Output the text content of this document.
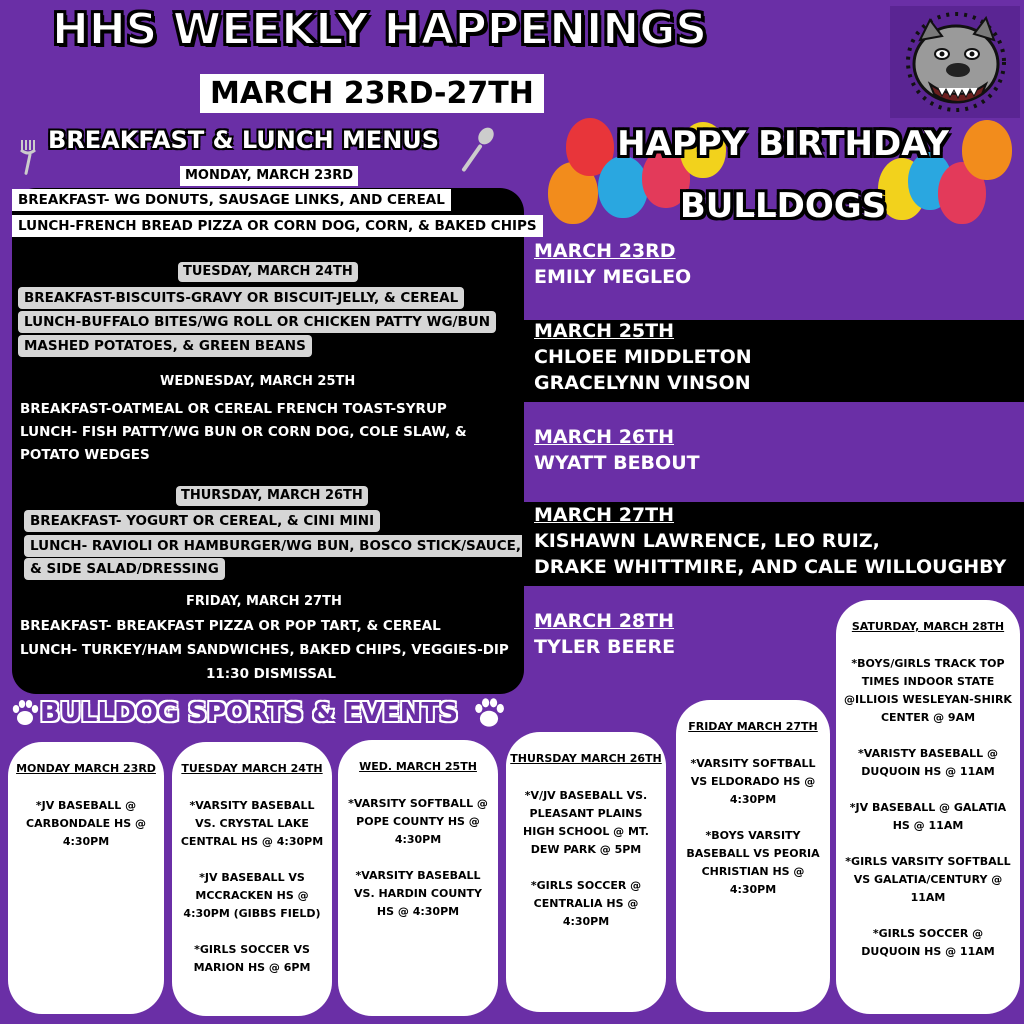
HHS WEEKLY HAPPENINGS
MARCH 23RD-27TH
BREAKFAST & LUNCH MENUS
MONDAY, MARCH 23RD
BREAKFAST- WG DONUTS, SAUSAGE LINKS, AND CEREAL
LUNCH-FRENCH BREAD PIZZA OR CORN DOG, CORN, & BAKED CHIPS
TUESDAY, MARCH 24TH
BREAKFAST-BISCUITS-GRAVY OR BISCUIT-JELLY, & CEREAL
LUNCH-BUFFALO BITES/WG ROLL OR CHICKEN PATTY WG/BUN
MASHED POTATOES, & GREEN BEANS
WEDNESDAY, MARCH 25TH
BREAKFAST-OATMEAL OR CEREAL FRENCH TOAST-SYRUP
LUNCH- FISH PATTY/WG BUN OR CORN DOG, COLE SLAW, &
POTATO WEDGES
THURSDAY, MARCH 26TH
BREAKFAST- YOGURT OR CEREAL, & CINI MINI
LUNCH- RAVIOLI OR HAMBURGER/WG BUN, BOSCO STICK/SAUCE,
& SIDE SALAD/DRESSING
FRIDAY, MARCH 27TH
BREAKFAST- BREAKFAST PIZZA OR POP TART, & CEREAL
LUNCH- TURKEY/HAM SANDWICHES, BAKED CHIPS, VEGGIES-DIP
11:30 DISMISSAL
HAPPY BIRTHDAY
BULLDOGS
MARCH 23RD
EMILY MEGLEO
MARCH 25TH
CHLOEE MIDDLETON
GRACELYNN VINSON
MARCH 26TH
WYATT BEBOUT
MARCH 27TH
KISHAWN LAWRENCE, LEO RUIZ,
DRAKE WHITTMIRE, AND CALE WILLOUGHBY
MARCH 28TH
TYLER BEERE
BULLDOG SPORTS & EVENTS
MONDAY MARCH 23RD
*JV BASEBALL @ CARBONDALE HS @ 4:30PM
TUESDAY MARCH 24TH
*VARSITY BASEBALL VS. CRYSTAL LAKE CENTRAL HS @ 4:30PM
*JV BASEBALL VS MCCRACKEN HS @ 4:30PM (GIBBS FIELD)
*GIRLS SOCCER VS MARION HS @ 6PM
WED. MARCH 25TH
*VARSITY SOFTBALL @ POPE COUNTY HS @ 4:30PM
*VARSITY BASEBALL VS. HARDIN COUNTY HS @ 4:30PM
THURSDAY MARCH 26TH
*V/JV BASEBALL VS. PLEASANT PLAINS HIGH SCHOOL @ MT. DEW PARK @ 5PM
*GIRLS SOCCER @ CENTRALIA HS @ 4:30PM
FRIDAY MARCH 27TH
*VARSITY SOFTBALL VS ELDORADO HS @ 4:30PM
*BOYS VARSITY BASEBALL VS PEORIA CHRISTIAN HS @ 4:30PM
SATURDAY, MARCH 28TH
*BOYS/GIRLS TRACK TOP TIMES INDOOR STATE @ILLIOIS WESLEYAN-SHIRK CENTER @ 9AM
*VARISTY BASEBALL @ DUQUOIN HS @ 11AM
*JV BASEBALL @ GALATIA HS @ 11AM
*GIRLS VARSITY SOFTBALL VS GALATIA/CENTURY @ 11AM
*GIRLS SOCCER @ DUQUOIN HS @ 11AM
